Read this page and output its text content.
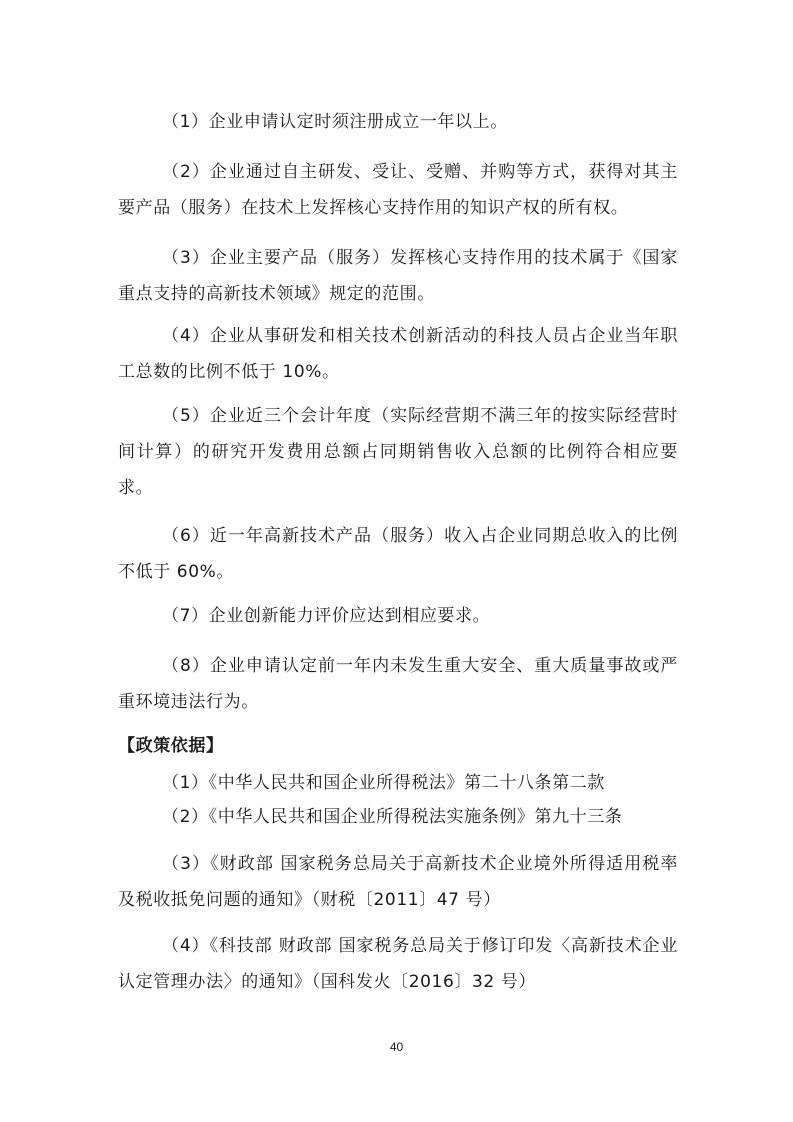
（1）企业申请认定时须注册成立一年以上。

（2）企业通过自主研发、受让、受赠、并购等方式，获得对其主要产品（服务）在技术上发挥核心支持作用的知识产权的所有权。

（3）企业主要产品（服务）发挥核心支持作用的技术属于《国家重点支持的高新技术领域》规定的范围。

（4）企业从事研发和相关技术创新活动的科技人员占企业当年职工总数的比例不低于 10%。

（5）企业近三个会计年度（实际经营期不满三年的按实际经营时间计算）的研究开发费用总额占同期销售收入总额的比例符合相应要求。

（6）近一年高新技术产品（服务）收入占企业同期总收入的比例不低于 60%。

（7）企业创新能力评价应达到相应要求。

（8）企业申请认定前一年内未发生重大安全、重大质量事故或严重环境违法行为。

【政策依据】

（1）《中华人民共和国企业所得税法》第二十八条第二款

（2）《中华人民共和国企业所得税法实施条例》第九十三条

（3）《财政部 国家税务总局关于高新技术企业境外所得适用税率及税收抵免问题的通知》（财税〔2011〕47 号）

（4）《科技部 财政部 国家税务总局关于修订印发〈高新技术企业认定管理办法〉的通知》（国科发火〔2016〕32 号）

40
